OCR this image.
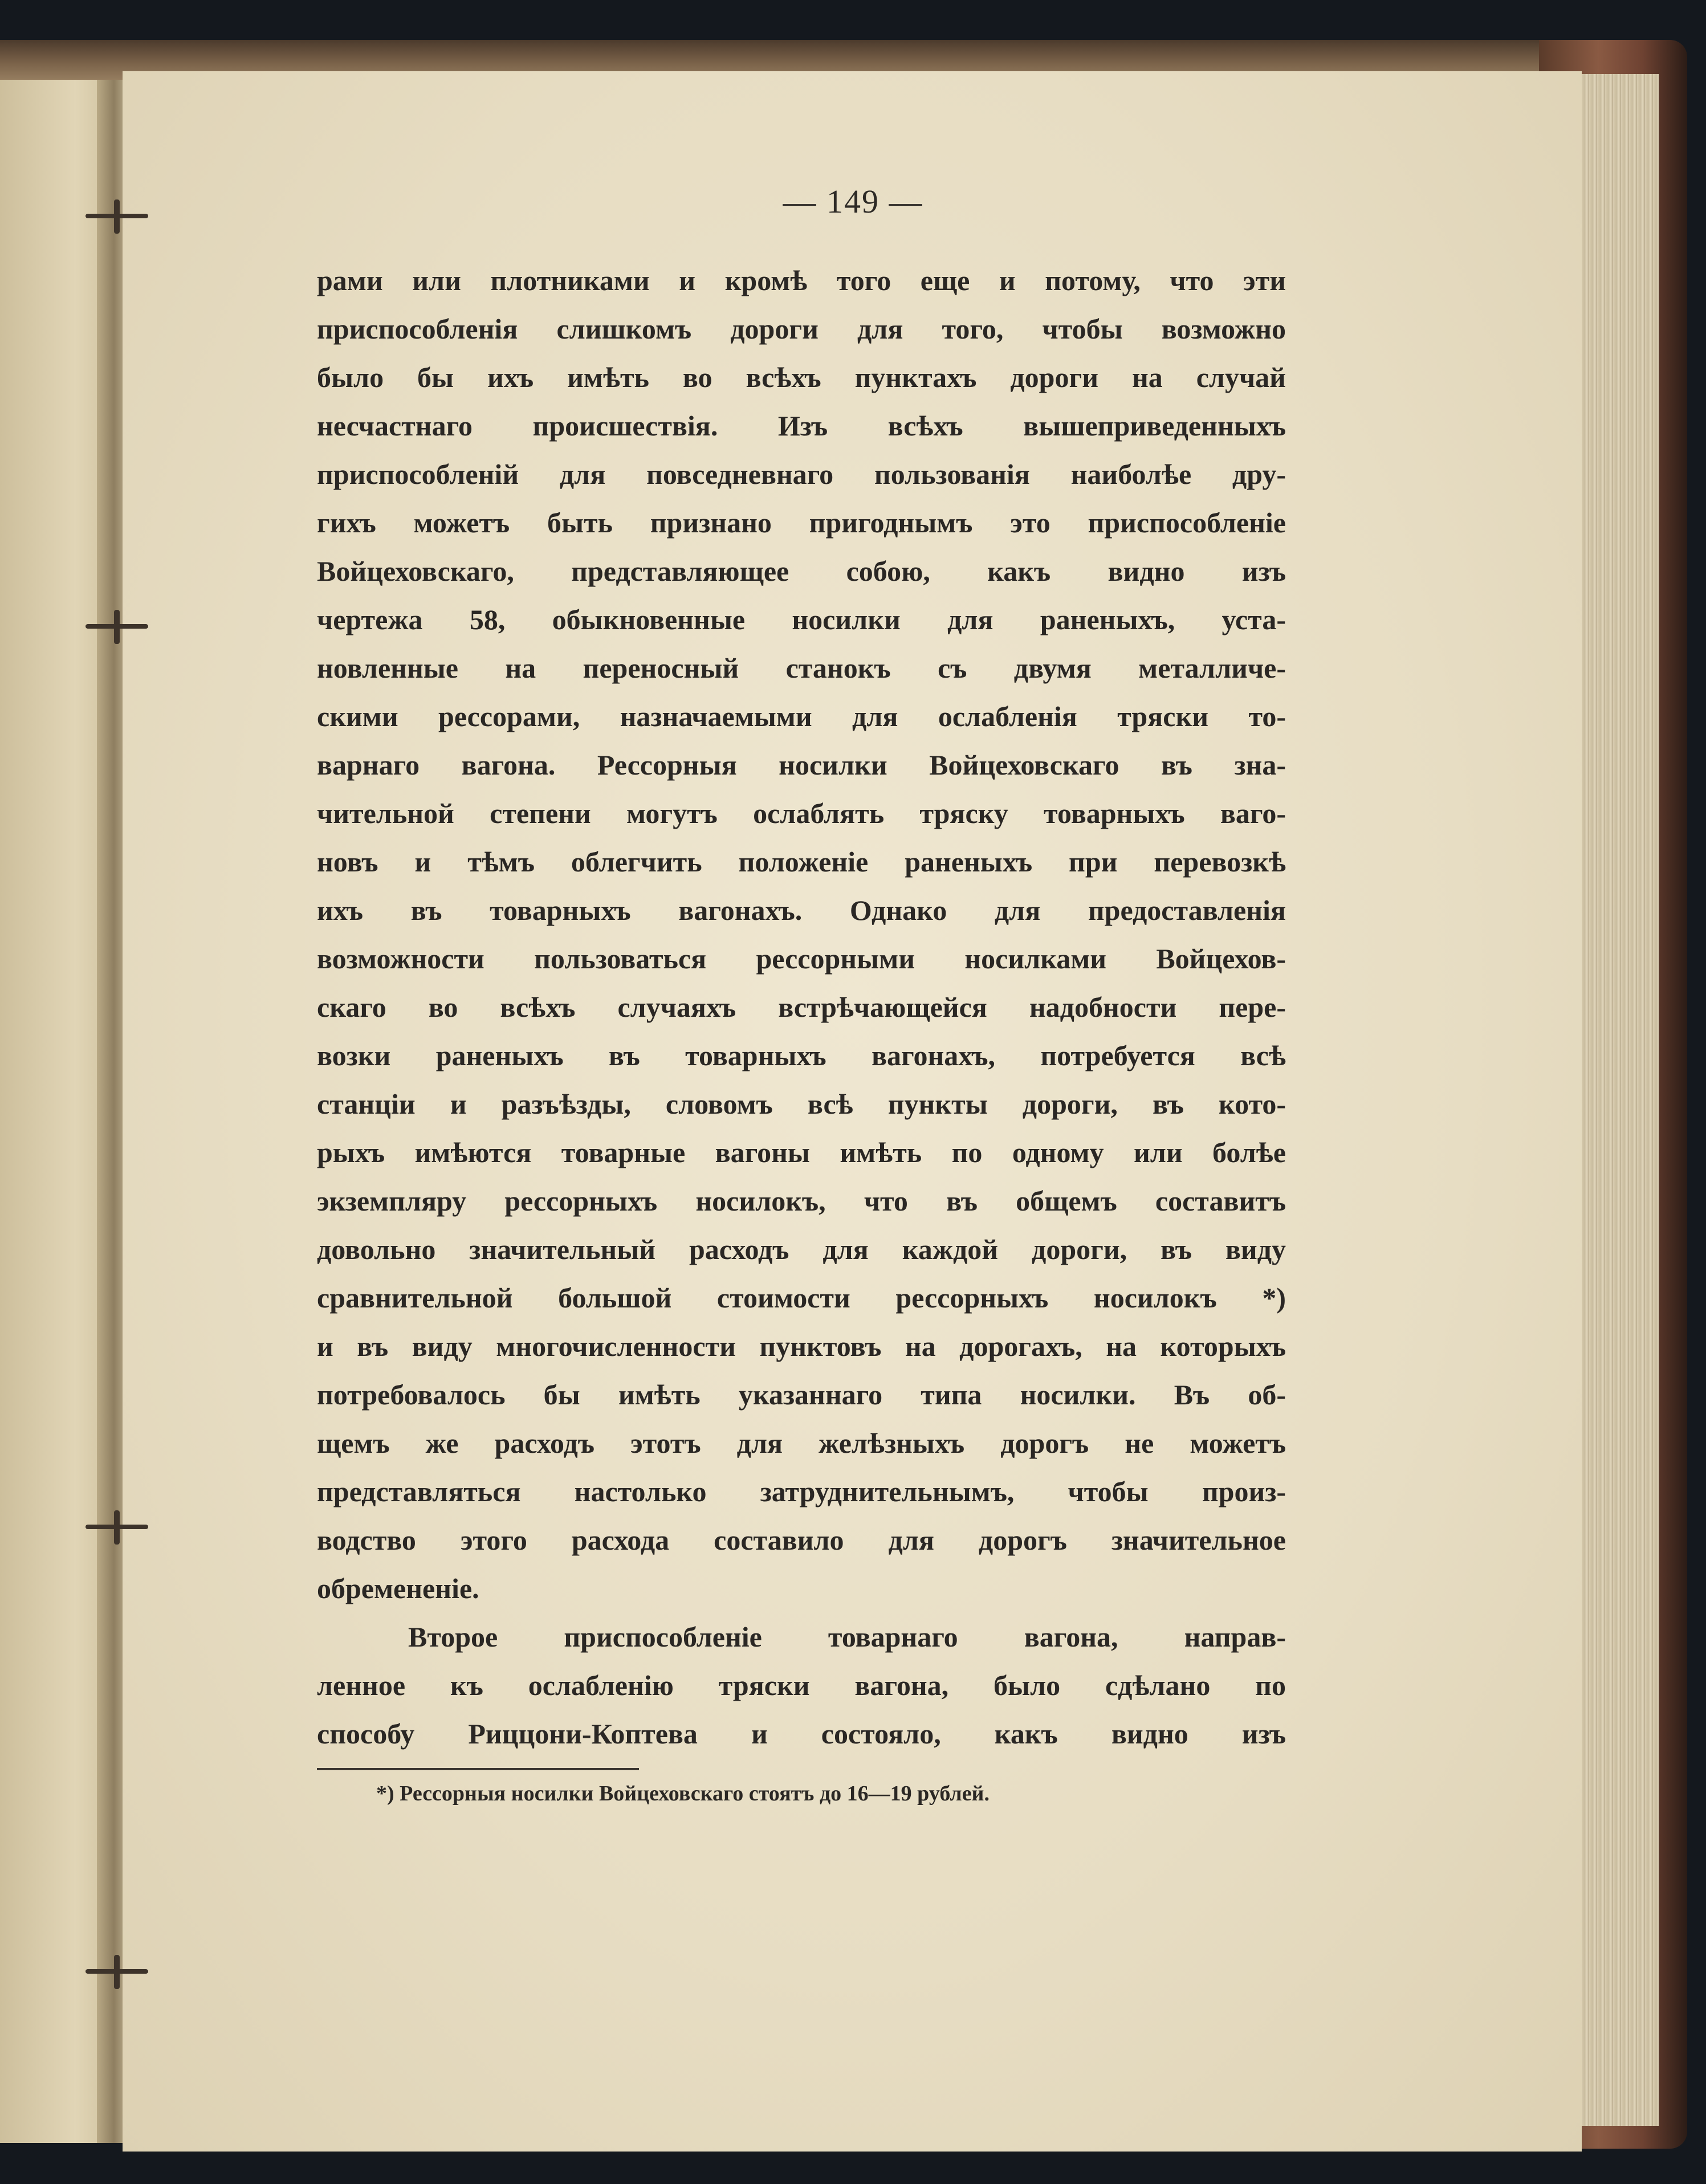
— 149 —
рами или плотниками и кромѣ того еще и потому, что эти
приспособленія слишкомъ дороги для того, чтобы возможно
было бы ихъ имѣть во всѣхъ пунктахъ дороги на случай
несчастнаго происшествія. Изъ всѣхъ вышеприведенныхъ
приспособленій для повседневнаго пользованія наиболѣе дру-
гихъ можетъ быть признано пригоднымъ это приспособленіе
Войцеховскаго, представляющее собою, какъ видно изъ
чертежа 58, обыкновенные носилки для раненыхъ, уста-
новленные на переносный станокъ съ двумя металличе-
скими рессорами, назначаемыми для ослабленія тряски то-
варнаго вагона. Рессорныя носилки Войцеховскаго въ зна-
чительной степени могутъ ослаблять тряску товарныхъ ваго-
новъ и тѣмъ облегчить положеніе раненыхъ при перевозкѣ
ихъ въ товарныхъ вагонахъ. Однако для предоставленія
возможности пользоваться рессорными носилками Войцехов-
скаго во всѣхъ случаяхъ встрѣчающейся надобности пере-
возки раненыхъ въ товарныхъ вагонахъ, потребуется всѣ
станціи и разъѣзды, словомъ всѣ пункты дороги, въ кото-
рыхъ имѣются товарные вагоны имѣть по одному или болѣе
экземпляру рессорныхъ носилокъ, что въ общемъ составитъ
довольно значительный расходъ для каждой дороги, въ виду
сравнительной большой стоимости рессорныхъ носилокъ *)
и въ виду многочисленности пунктовъ на дорогахъ, на которыхъ
потребовалось бы имѣть указаннаго типа носилки. Въ об-
щемъ же расходъ этотъ для желѣзныхъ дорогъ не можетъ
представляться настолько затруднительнымъ, чтобы произ-
водство этого расхода составило для дорогъ значительное
обремененіе.
Второе приспособленіе товарнаго вагона, направ-
ленное къ ослабленію тряски вагона, было сдѣлано по
способу Риццони-Коптева и состояло, какъ видно изъ
*) Рессорныя носилки Войцеховскаго стоятъ до 16—19 рублей.
